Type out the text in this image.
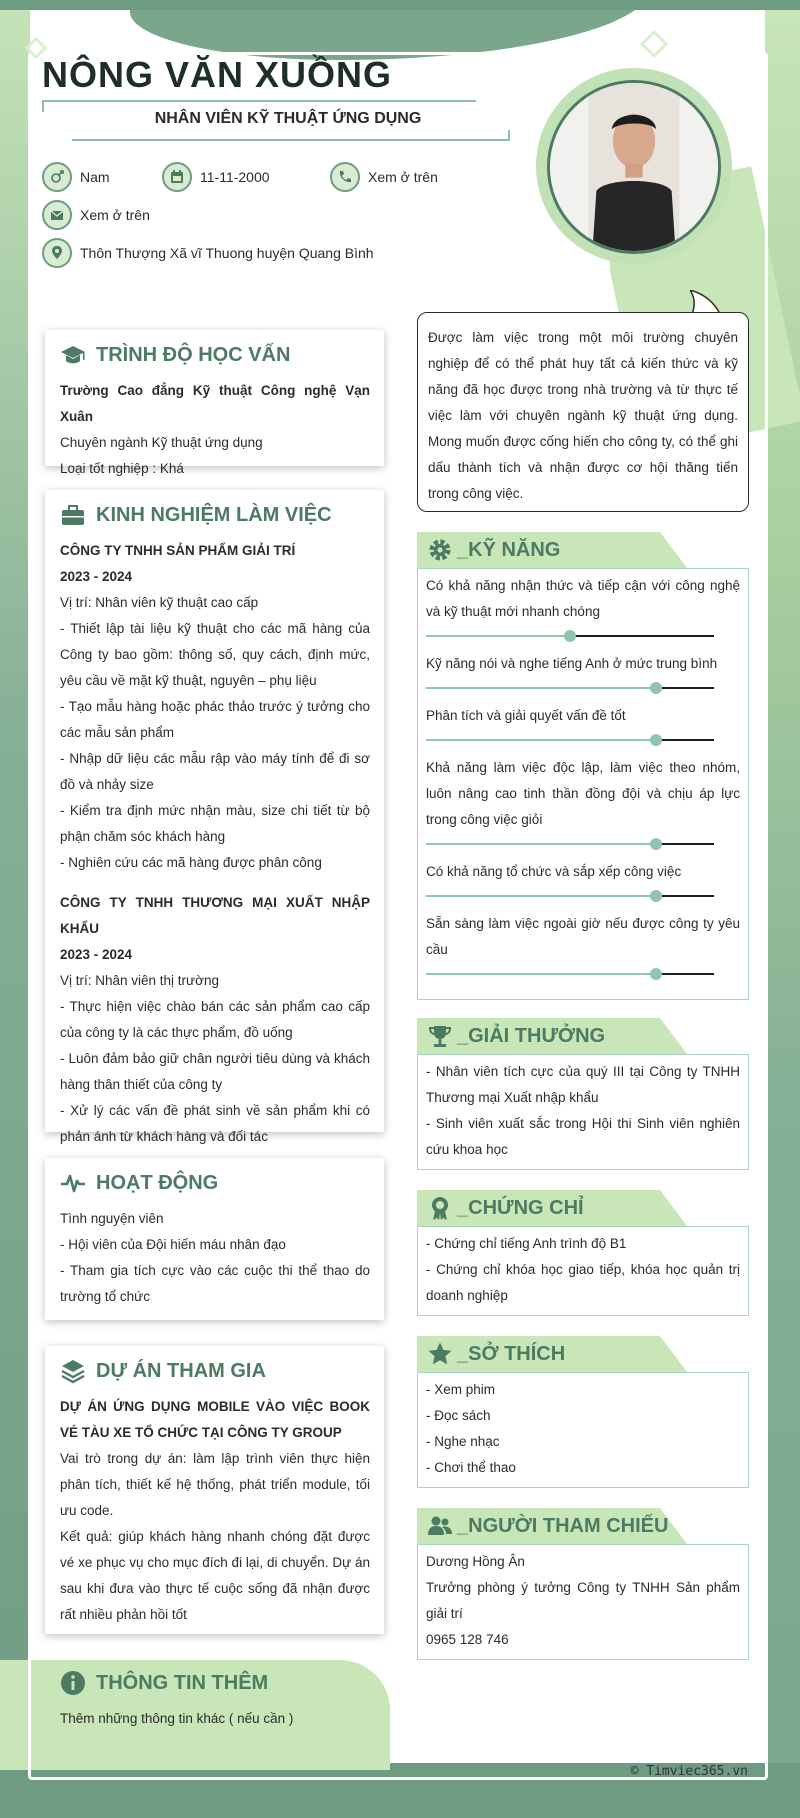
NÔNG VĂN XUỒNG
NHÂN VIÊN KỸ THUẬT ỨNG DỤNG
Nam	11-11-2000	Xem ở trên
Xem ở trên
Thôn Thượng Xã vĩ Thuong huyện Quang Bình

Được làm việc trong một môi trường chuyên nghiệp để có thể phát huy tất cả kiến thức và kỹ năng đã học được trong nhà trường và từ thực tế việc làm với chuyên ngành kỹ thuật ứng dụng. Mong muốn được cống hiến cho công ty, có thể ghi dấu thành tích và nhận được cơ hội thăng tiến trong công việc.

TRÌNH ĐỘ HỌC VẤN

Trường Cao đẳng Kỹ thuật Công nghệ Vạn Xuân

Chuyên ngành Kỹ thuật ứng dụng

Loại tốt nghiệp : Khá

KINH NGHIỆM LÀM VIỆC

CÔNG TY TNHH SẢN PHẨM GIẢI TRÍ

2023 - 2024

Vị trí: Nhân viên kỹ thuật cao cấp

- Thiết lập tài liệu kỹ thuật cho các mã hàng của Công ty bao gồm: thông số, quy cách, định mức, yêu cầu về mặt kỹ thuật, nguyên – phụ liệu

- Tạo mẫu hàng hoặc phác thảo trước ý tưởng cho các mẫu sản phẩm

- Nhập dữ liệu các mẫu rập vào máy tính để đi sơ đồ và nhảy size

- Kiểm tra định mức nhận màu, size chi tiết từ bộ phận chăm sóc khách hàng

- Nghiên cứu các mã hàng được phân công

CÔNG TY TNHH THƯƠNG MẠI XUẤT NHẬP KHẨU

2023 - 2024

Vị trí: Nhân viên thị trường

- Thực hiện việc chào bán các sản phẩm cao cấp của công ty là các thực phẩm, đồ uống

- Luôn đảm bảo giữ chân người tiêu dùng và khách hàng thân thiết của công ty

- Xử lý các vấn đề phát sinh về sản phẩm khi có phản ánh từ khách hàng và đối tác

HOẠT ĐỘNG

Tình nguyện viên

- Hội viên của Đội hiến máu nhân đạo

- Tham gia tích cực vào các cuộc thi thể thao do trường tổ chức

DỰ ÁN THAM GIA

DỰ ÁN ỨNG DỤNG MOBILE VÀO VIỆC BOOK VÉ TÀU XE TỔ CHỨC TẠI CÔNG TY GROUP

Vai trò trong dự án: làm lập trình viên thực hiện phân tích, thiết kế hệ thống, phát triển module, tối ưu code.

Kết quả: giúp khách hàng nhanh chóng đặt được vé xe phục vụ cho mục đích đi lại, di chuyển. Dự án sau khi đưa vào thực tế cuộc sống đã nhận được rất nhiều phản hồi tốt

THÔNG TIN THÊM

Thêm những thông tin khác ( nếu cần )

_KỸ NĂNG

Có khả năng nhận thức và tiếp cận với công nghệ và kỹ thuật mới nhanh chóng

Kỹ năng nói và nghe tiếng Anh ở mức trung bình

Phân tích và giải quyết vấn đề tốt

Khả năng làm việc độc lập, làm việc theo nhóm, luôn nâng cao tinh thần đồng đội và chịu áp lực trong công việc giỏi

Có khả năng tổ chức và sắp xếp công việc

Sẵn sàng làm việc ngoài giờ nếu được công ty yêu cầu

_GIẢI THƯỞNG

- Nhân viên tích cực của quý III tại Công ty TNHH Thương mại Xuất nhập khẩu

- Sinh viên xuất sắc trong Hội thi Sinh viên nghiên cứu khoa học

_CHỨNG CHỈ

- Chứng chỉ tiếng Anh trình độ B1

- Chứng chỉ khóa học giao tiếp, khóa học quản trị doanh nghiệp

_SỞ THÍCH

- Xem phim

- Đọc sách

- Nghe nhạc

- Chơi thể thao

_NGƯỜI THAM CHIẾU

Dương Hồng Ân

Trưởng phòng ý tưởng Công ty TNHH Sản phẩm giải trí

0965 128 746

© Timviec365.vn
